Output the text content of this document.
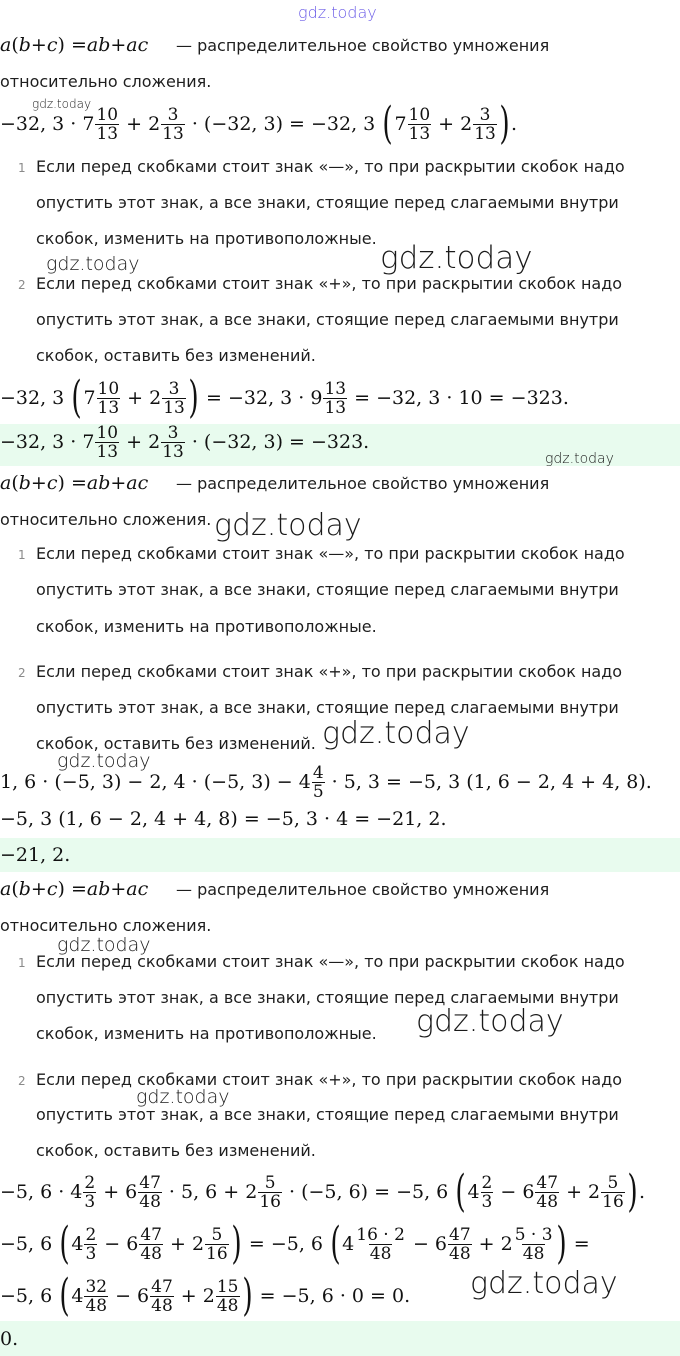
gdz.today
a ( b + c ) = ab + ac — распределительное свойство умножения
относительно сложения.
−32, $3 \cdot 7 \frac{10}{13} + 2 \frac{3}{13} \cdot (-32$, 3) = −32, 3 ( $7 \frac{10}{13} + 2 \frac{3}{13}$ ) .
gdz.today
1 Если перед скобками стоит знак «—», то при раскрытии скобок надо
опустить этот знак, а все знаки, стоящие перед слагаемыми внутри
скобок, изменить на противоположные.
gdz.today	gdz.today
2 Если перед скобками стоит знак «+», то при раскрытии скобок надо
опустить этот знак, а все знаки, стоящие перед слагаемыми внутри
скобок, оставить без изменений.
−32, 3 ( $7 \frac{10}{13} + 2 \frac{3}{13}$ ) = −32, $3 \cdot 9 \frac{13}{13} = -32$, 3 · 10 = −323.
−32, $3 \cdot 7 \frac{10}{13} + 2 \frac{3}{13} \cdot (-32$, 3) = −323.
gdz.today
a ( b + c ) = ab + ac — распределительное свойство умножения
относительно сложения. gdz.today
1 Если перед скобками стоит знак «—», то при раскрытии скобок надо
опустить этот знак, а все знаки, стоящие перед слагаемыми внутри
скобок, изменить на противоположные.
2 Если перед скобками стоит знак «+», то при раскрытии скобок надо
опустить этот знак, а все знаки, стоящие перед слагаемыми внутри
скобок, оставить без изменений. gdz.today
gdz.today
1, 6 · (−5, 3) − 2, 4 · (−5, $3) - 4 \frac{4}{5} \cdot 5$, 3 = −5, 3 (1, 6 − 2, 4 + 4, 8).
−5, 3 (1, 6 − 2, 4 + 4, 8) = −5, 3 · 4 = −21, 2.
−21, 2.
a ( b + c ) = ab + ac — распределительное свойство умножения
относительно сложения.
gdz.today
1 Если перед скобками стоит знак «—», то при раскрытии скобок надо
опустить этот знак, а все знаки, стоящие перед слагаемыми внутри
скобок, изменить на противоположные. gdz.today
2 Если перед скобками стоит знак «+», то при раскрытии скобок надо
gdz.today
опустить этот знак, а все знаки, стоящие перед слагаемыми внутри
скобок, оставить без изменений.
−5, $6 \cdot 4 \frac{2}{3} + 6 \frac{47}{48} \cdot 5$, $6 + 2 \frac{5}{16} \cdot (-5$, 6) = −5, 6 ( $4 \frac{2}{3} - 6 \frac{47}{48} + 2 \frac{5}{16}$ ) .
−5, 6 ( $4 \frac{2}{3} - 6 \frac{47}{48} + 2 \frac{5}{16}$ ) = −5, 6 ( $4 \frac{16 \cdot 2}{48} - 6 \frac{47}{48} + 2 \frac{5 \cdot 3}{48}$ ) =
−5, 6 ( $4 \frac{32}{48} - 6 \frac{47}{48} + 2 \frac{15}{48}$ ) = −5, 6 · 0 = 0. gdz.today
0.
